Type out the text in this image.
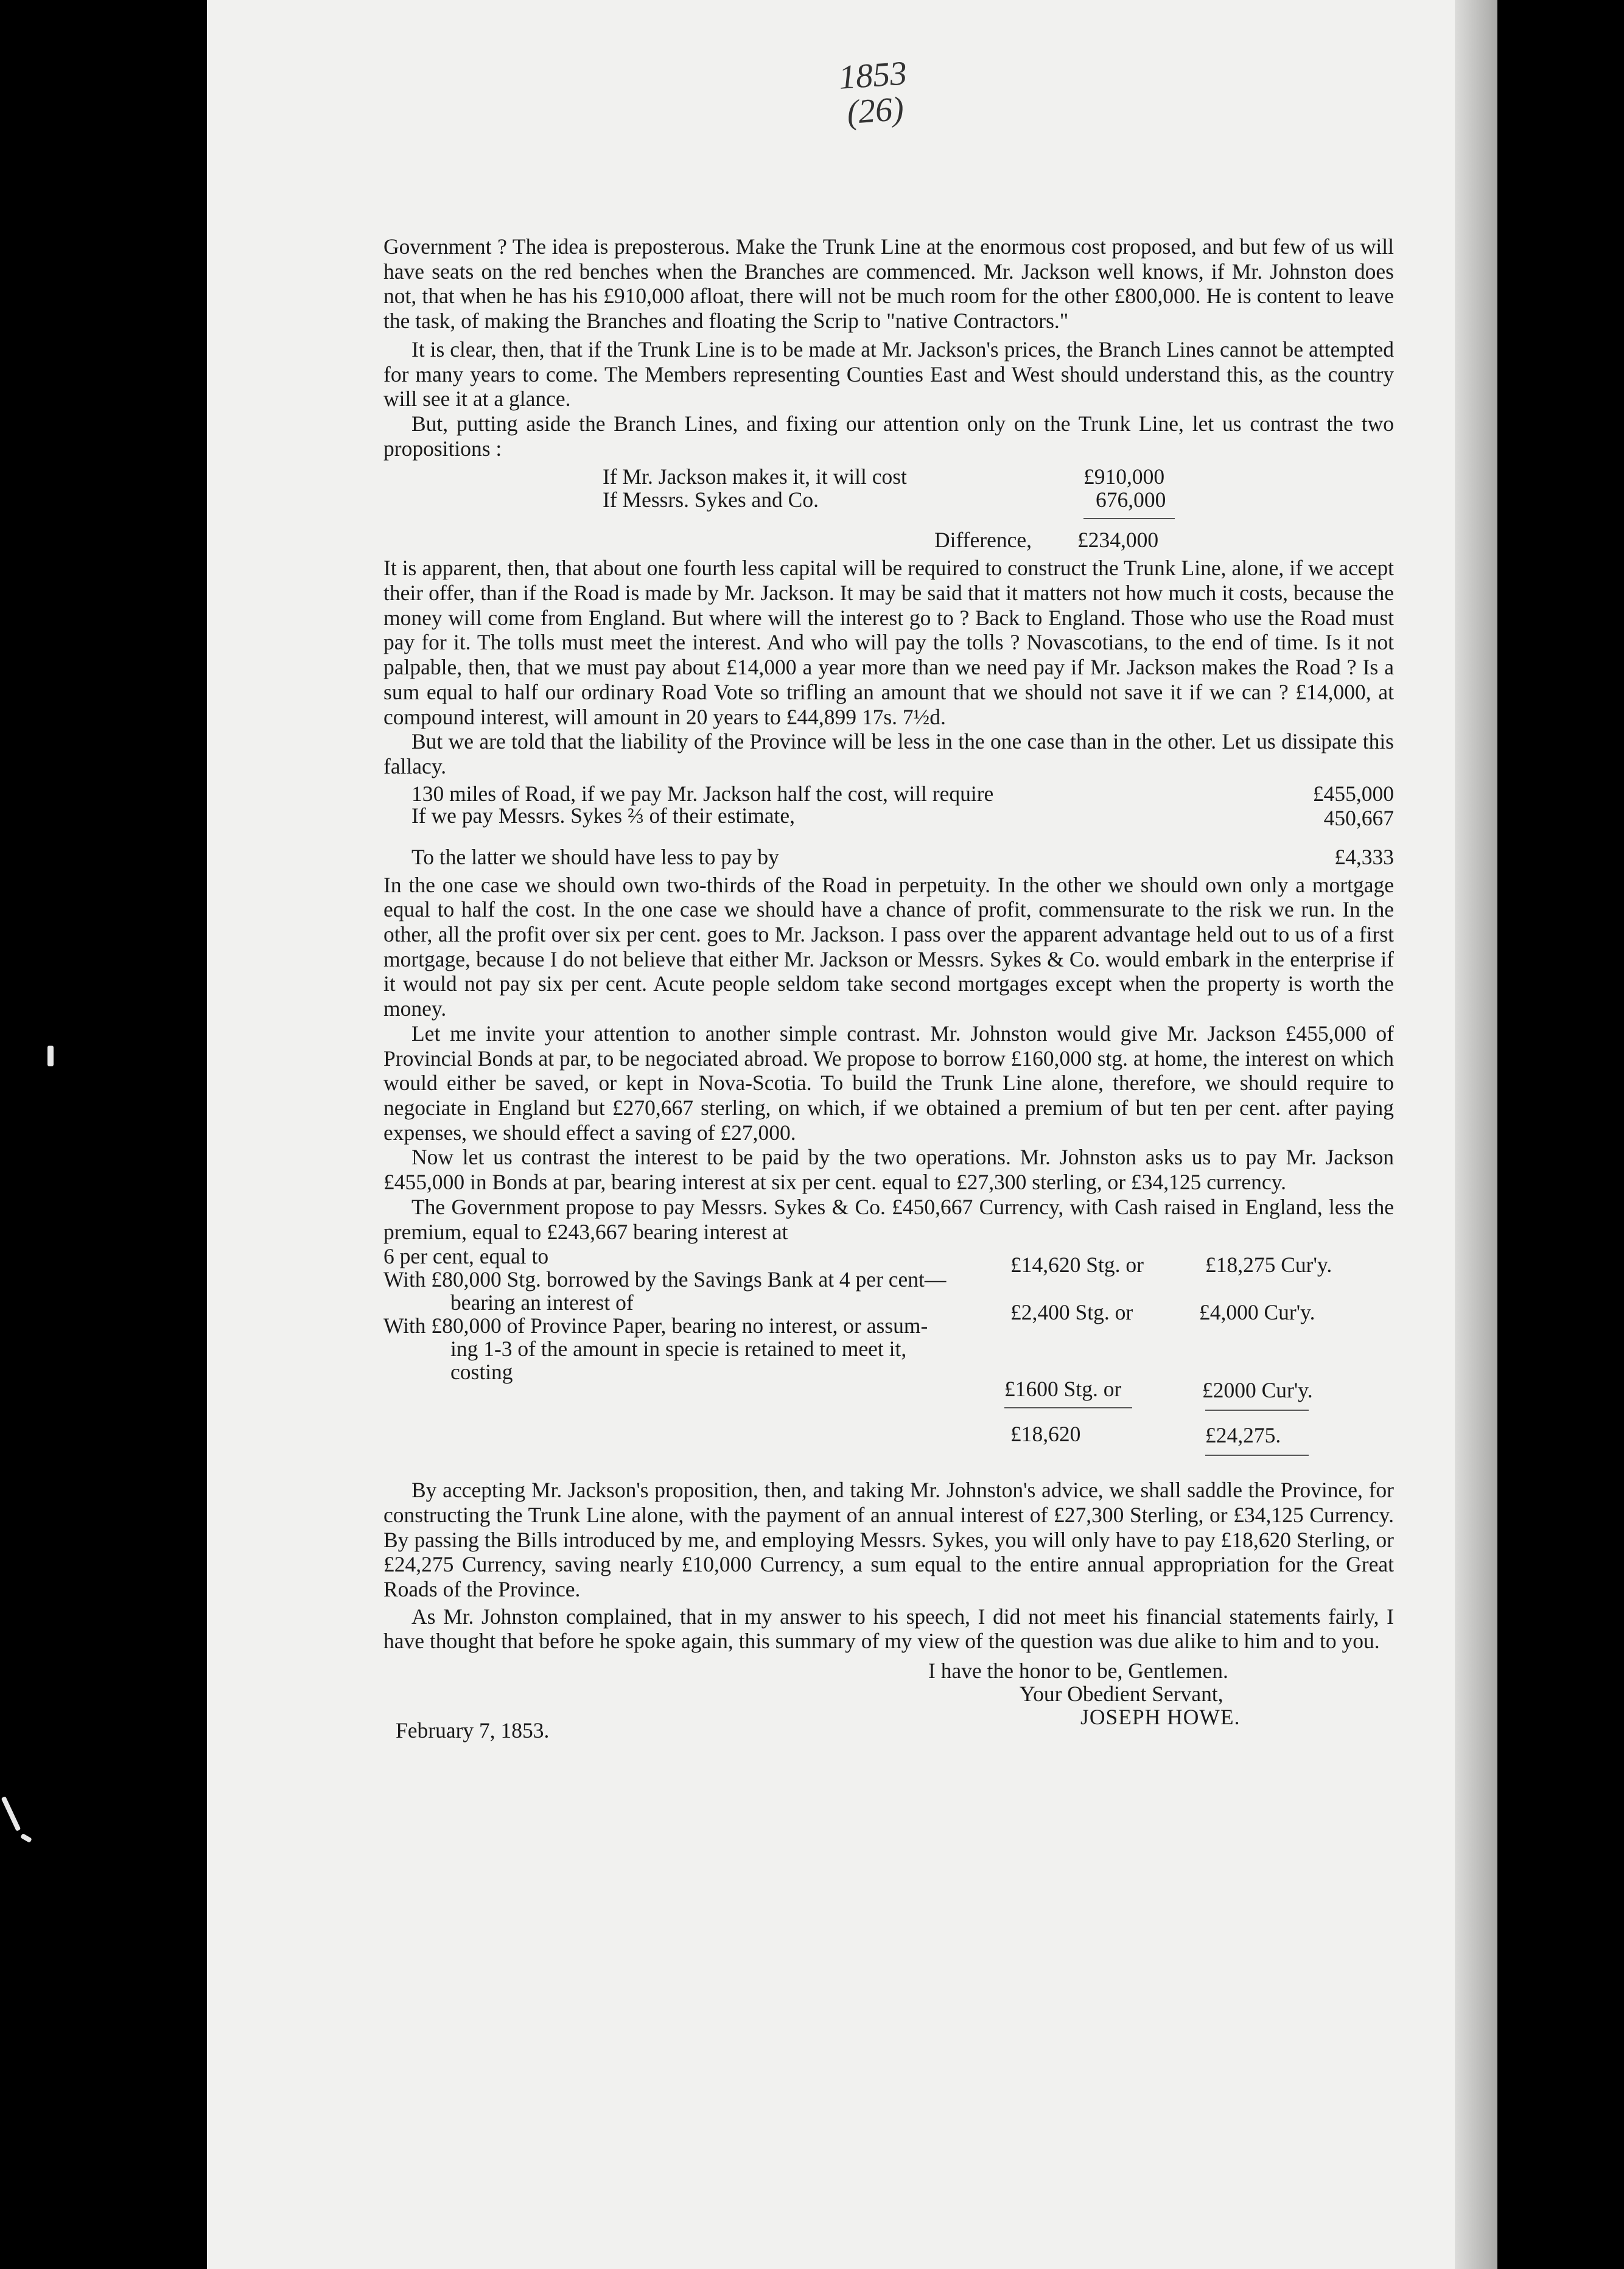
1853
(26)

Government ? The idea is preposterous. Make the Trunk Line at the enormous cost proposed, and but few of us will have seats on the red benches when the Branches are commenced. Mr. Jackson well knows, if Mr. Johnston does not, that when he has his £910,000 afloat, there will not be much room for the other £800,000. He is content to leave the task, of making the Branches and floating the Scrip to "native Contractors."

It is clear, then, that if the Trunk Line is to be made at Mr. Jackson's prices, the Branch Lines cannot be attempted for many years to come. The Members representing Counties East and West should understand this, as the country will see it at a glance.

But, putting aside the Branch Lines, and fixing our attention only on the Trunk Line, let us contrast the two propositions :

If Mr. Jackson makes it, it will cost	£910,000
If Messrs. Sykes and Co.	676,000
Difference, £234,000

It is apparent, then, that about one fourth less capital will be required to construct the Trunk Line, alone, if we accept their offer, than if the Road is made by Mr. Jackson. It may be said that it matters not how much it costs, because the money will come from England. But where will the interest go to ? Back to England. Those who use the Road must pay for it. The tolls must meet the interest. And who will pay the tolls ? Novascotians, to the end of time. Is it not palpable, then, that we must pay about £14,000 a year more than we need pay if Mr. Jackson makes the Road ? Is a sum equal to half our ordinary Road Vote so trifling an amount that we should not save it if we can ? £14,000, at compound interest, will amount in 20 years to £44,899 17s. 7½d.

But we are told that the liability of the Province will be less in the one case than in the other. Let us dissipate this fallacy.

130 miles of Road, if we pay Mr. Jackson half the cost, will require	£455,000
If we pay Messrs. Sykes ⅔ of their estimate,	450,667
To the latter we should have less to pay by	£4,333

In the one case we should own two-thirds of the Road in perpetuity. In the other we should own only a mortgage equal to half the cost. In the one case we should have a chance of profit, commensurate to the risk we run. In the other, all the profit over six per cent. goes to Mr. Jackson. I pass over the apparent advantage held out to us of a first mortgage, because I do not believe that either Mr. Jackson or Messrs. Sykes & Co. would embark in the enterprise if it would not pay six per cent. Acute people seldom take second mortgages except when the property is worth the money.

Let me invite your attention to another simple contrast. Mr. Johnston would give Mr. Jackson £455,000 of Provincial Bonds at par, to be negociated abroad. We propose to borrow £160,000 stg. at home, the interest on which would either be saved, or kept in Nova-Scotia. To build the Trunk Line alone, therefore, we should require to negociate in England but £270,667 sterling, on which, if we obtained a premium of but ten per cent. after paying expenses, we should effect a saving of £27,000.

Now let us contrast the interest to be paid by the two operations. Mr. Johnston asks us to pay Mr. Jackson £455,000 in Bonds at par, bearing interest at six per cent. equal to £27,300 sterling, or £34,125 currency.

The Government propose to pay Messrs. Sykes & Co. £450,667 Currency, with Cash raised in England, less the premium, equal to £243,667 bearing interest at

6 per cent, equal to	£14,620 Stg. or	£18,275 Cur'y.
With £80,000 Stg. borrowed by the Savings Bank at 4 per cent—
bearing an interest of	£2,400 Stg. or	£4,000 Cur'y.
With £80,000 of Province Paper, bearing no interest, or assum-
ing 1-3 of the amount in specie is retained to meet it,
costing
£1600 Stg. or	£2000 Cur'y.
£18,620	£24,275.

By accepting Mr. Jackson's proposition, then, and taking Mr. Johnston's advice, we shall saddle the Province, for constructing the Trunk Line alone, with the payment of an annual interest of £27,300 Sterling, or £34,125 Currency. By passing the Bills introduced by me, and employing Messrs. Sykes, you will only have to pay £18,620 Sterling, or £24,275 Currency, saving nearly £10,000 Currency, a sum equal to the entire annual appropriation for the Great Roads of the Province.

As Mr. Johnston complained, that in my answer to his speech, I did not meet his financial statements fairly, I have thought that before he spoke again, this summary of my view of the question was due alike to him and to you.

I have the honor to be, Gentlemen.
Your Obedient Servant,
JOSEPH HOWE.
February 7, 1853.
